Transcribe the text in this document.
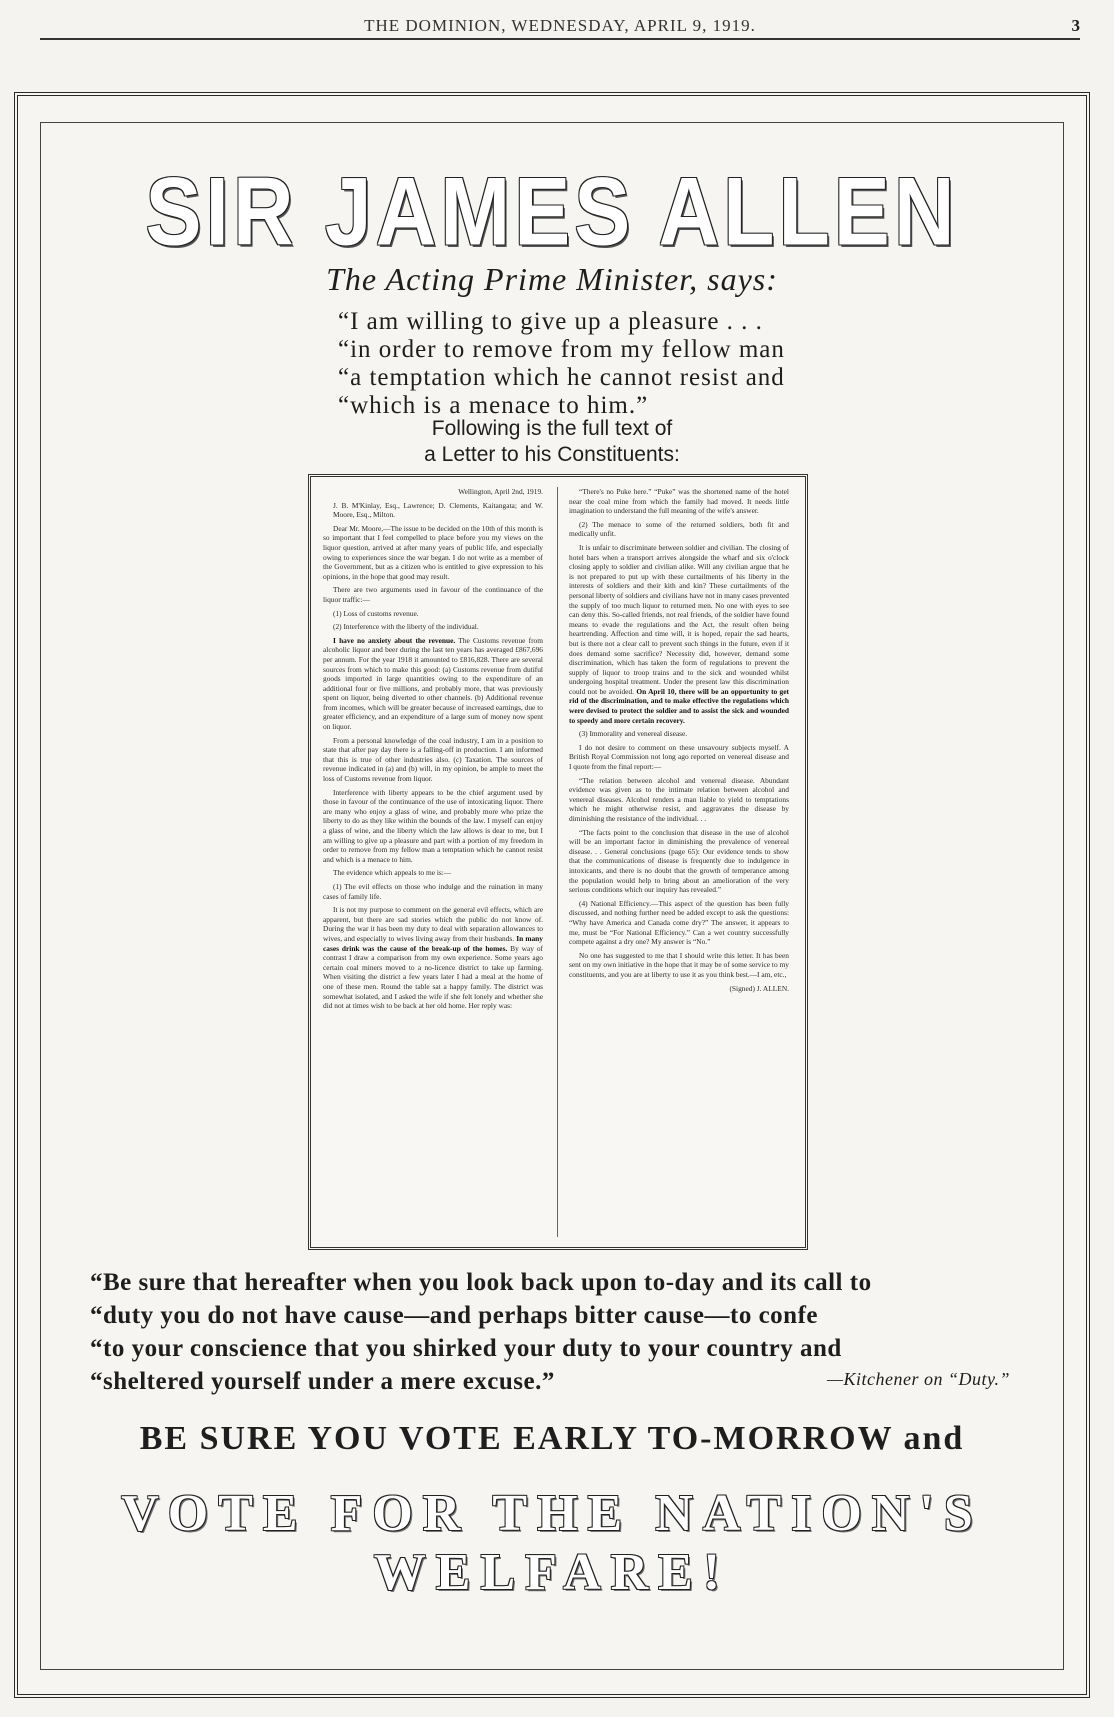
THE DOMINION, WEDNESDAY, APRIL 9, 1919.	3
SIR JAMES ALLEN
The Acting Prime Minister, says:
“I am willing to give up a pleasure . . .
“in order to remove from my fellow man
“a temptation which he cannot resist and
“which is a menace to him.”
Following is the full text of
a Letter to his Constituents:

Wellington, April 2nd, 1919.

J. B. M'Kinlay, Esq., Lawrence; D. Clements, Kaitangata; and W. Moore, Esq., Milton.

Dear Mr. Moore,—The issue to be decided on the 10th of this month is so important that I feel compelled to place before you my views on the liquor question, arrived at after many years of public life, and especially owing to experiences since the war began. I do not write as a member of the Government, but as a citizen who is entitled to give expression to his opinions, in the hope that good may result.

There are two arguments used in favour of the continuance of the liquor traffic:—

(1) Loss of customs revenue.

(2) Interference with the liberty of the individual.

I have no anxiety about the revenue. The Customs revenue from alcoholic liquor and beer during the last ten years has averaged £867,696 per annum. For the year 1918 it amounted to £816,828. There are several sources from which to make this good: (a) Customs revenue from dutiful goods imported in large quantities owing to the expenditure of an additional four or five millions, and probably more, that was previously spent on liquor, being diverted to other channels. (b) Additional revenue from incomes, which will be greater because of increased earnings, due to greater efficiency, and an expenditure of a large sum of money now spent on liquor.

From a personal knowledge of the coal industry, I am in a position to state that after pay day there is a falling-off in production. I am informed that this is true of other industries also. (c) Taxation. The sources of revenue indicated in (a) and (b) will, in my opinion, be ample to meet the loss of Customs revenue from liquor.

Interference with liberty appears to be the chief argument used by those in favour of the continuance of the use of intoxicating liquor. There are many who enjoy a glass of wine, and probably more who prize the liberty to do as they like within the bounds of the law. I myself can enjoy a glass of wine, and the liberty which the law allows is dear to me, but I am willing to give up a pleasure and part with a portion of my freedom in order to remove from my fellow man a temptation which he cannot resist and which is a menace to him.

The evidence which appeals to me is:—

(1) The evil effects on those who indulge and the ruination in many cases of family life.

It is not my purpose to comment on the general evil effects, which are apparent, but there are sad stories which the public do not know of. During the war it has been my duty to deal with separation allowances to wives, and especially to wives living away from their husbands. In many cases drink was the cause of the break-up of the homes. By way of contrast I draw a comparison from my own experience. Some years ago certain coal miners moved to a no-licence district to take up farming. When visiting the district a few years later I had a meal at the home of one of these men. Round the table sat a happy family. The district was somewhat isolated, and I asked the wife if she felt lonely and whether she did not at times wish to be back at her old home. Her reply was:

“There's no Puke here.” “Puke” was the shortened name of the hotel near the coal mine from which the family had moved. It needs little imagination to understand the full meaning of the wife's answer.

(2) The menace to some of the returned soldiers, both fit and medically unfit.

It is unfair to discriminate between soldier and civilian. The closing of hotel bars when a transport arrives alongside the wharf and six o'clock closing apply to soldier and civilian alike. Will any civilian argue that he is not prepared to put up with these curtailments of his liberty in the interests of soldiers and their kith and kin? These curtailments of the personal liberty of soldiers and civilians have not in many cases prevented the supply of too much liquor to returned men. No one with eyes to see can deny this. So-called friends, not real friends, of the soldier have found means to evade the regulations and the Act, the result often being heartrending. Affection and time will, it is hoped, repair the sad hearts, but is there not a clear call to prevent such things in the future, even if it does demand some sacrifice? Necessity did, however, demand some discrimination, which has taken the form of regulations to prevent the supply of liquor to troop trains and to the sick and wounded whilst undergoing hospital treatment. Under the present law this discrimination could not be avoided. On April 10, there will be an opportunity to get rid of the discrimination, and to make effective the regulations which were devised to protect the soldier and to assist the sick and wounded to speedy and more certain recovery.

(3) Immorality and venereal disease.

I do not desire to comment on these unsavoury subjects myself. A British Royal Commission not long ago reported on venereal disease and I quote from the final report:—

“The relation between alcohol and venereal disease. Abundant evidence was given as to the intimate relation between alcohol and venereal diseases. Alcohol renders a man liable to yield to temptations which he might otherwise resist, and aggravates the disease by diminishing the resistance of the individual. . .

“The facts point to the conclusion that disease in the use of alcohol will be an important factor in diminishing the prevalence of venereal disease. . . General conclusions (page 65): Our evidence tends to show that the communications of disease is frequently due to indulgence in intoxicants, and there is no doubt that the growth of temperance among the population would help to bring about an amelioration of the very serious conditions which our inquiry has revealed.”

(4) National Efficiency.—This aspect of the question has been fully discussed, and nothing further need be added except to ask the questions: “Why have America and Canada come dry?” The answer, it appears to me, must be “For National Efficiency.” Can a wet country successfully compete against a dry one? My answer is “No.”

No one has suggested to me that I should write this letter. It has been sent on my own initiative in the hope that it may be of some service to my constituents, and you are at liberty to use it as you think best.—I am, etc.,

(Signed) J. ALLEN.

“Be sure that hereafter when you look back upon to-day and its call to
“duty you do not have cause—and perhaps bitter cause—to confe
“to your conscience that you shirked your duty to your country and
“sheltered yourself under a mere excuse.”	—Kitchener on “Duty.”
BE SURE YOU VOTE EARLY TO-MORROW and
VOTE FOR THE NATION'S WELFARE!
